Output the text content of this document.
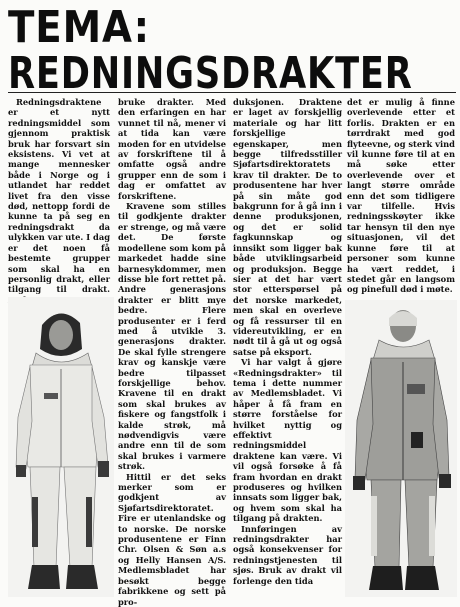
TEMA:
REDNINGSDRAKTER

Redningsdraktene er et nytt redningsmiddel som gjennom praktisk bruk har forsvart sin eksistens. Vi vet at mange mennesker både i Norge og i utlandet har reddet livet fra den visse død, nettopp fordi de kunne ta på seg en redningsdrakt da ulykken var ute. I dag er det noen få bestemte grupper som skal ha en personlig drakt, eller tilgang til drakt.

bruke drakter. Med den erfaringen en har vunnet til nå, mener vi at tida kan være moden for en utvidelse av forskriftene til å omfatte også andre grupper enn de som i dag er omfattet av forskriftene.

Kravene som stilles til godkjente drakter er strenge, og må være det. De første modellene som kom på markedet hadde sine barnesykdommer, men disse ble fort rettet på. Andre generasjons drakter er blitt mye bedre. Flere produsenter er i ferd med å utvikle 3. generasjons drakter. De skal fylle strengere krav og kanskje være bedre tilpasset forskjellige behov. Kravene til en drakt som skal brukes av fiskere og fangstfolk i kalde strøk, må nødvendigvis være andre enn til de som skal brukes i varmere strøk.

Hittil er det seks merker som er godkjent av Sjøfartsdirektoratet. Fire er utenlandske og to norske. De norske produsentene er Finn Chr. Olsen & Søn a.s og Helly Hansen A/S. Medlemsbladet har besøkt begge fabrikkene og sett på pro-

duksjonen. Draktene er laget av forskjellig materiale og har litt forskjellige egenskaper, men begge tilfredsstiller Sjøfartsdirektoratets krav til drakter. De to produsentene har hver på sin måte god bakgrunn for å gå inn i denne produksjonen, og det er solid fagkunnskap og innsikt som ligger bak både utviklingsarbeid og produksjon. Begge sier at det har vært stor etterspørsel på det norske markedet, men skal en overleve og få ressurser til en videreutvikling, er en nødt til å gå ut og også satse på eksport.

Vi har valgt å gjøre «Redningsdrakter» til tema i dette nummer av Medlemsbladet. Vi håper å få fram en større forståelse for hvilket nyttig og effektivt redningsmiddel draktene kan være. Vi vil også forsøke å få fram hvordan en drakt produseres og hvilken innsats som ligger bak, og hvem som skal ha tilgang på drakten.

Innføringen av redningsdrakter har også konsekvenser for redningstjenesten til sjøs. Bruk av drakt vil forlenge den tida

det er mulig å finne overlevende etter et forlis. Drakten er en tørrdrakt med god flyteevne, og sterk vind vil kunne føre til at en må søke etter overlevende over et langt større område enn det som tidligere var tilfelle. Hvis redningsskøyter ikke tar hensyn til den nye situasjonen, vil det kunne føre til at personer som kunne ha vært reddet, i stedet går en langsom og pinefull død i møte.
